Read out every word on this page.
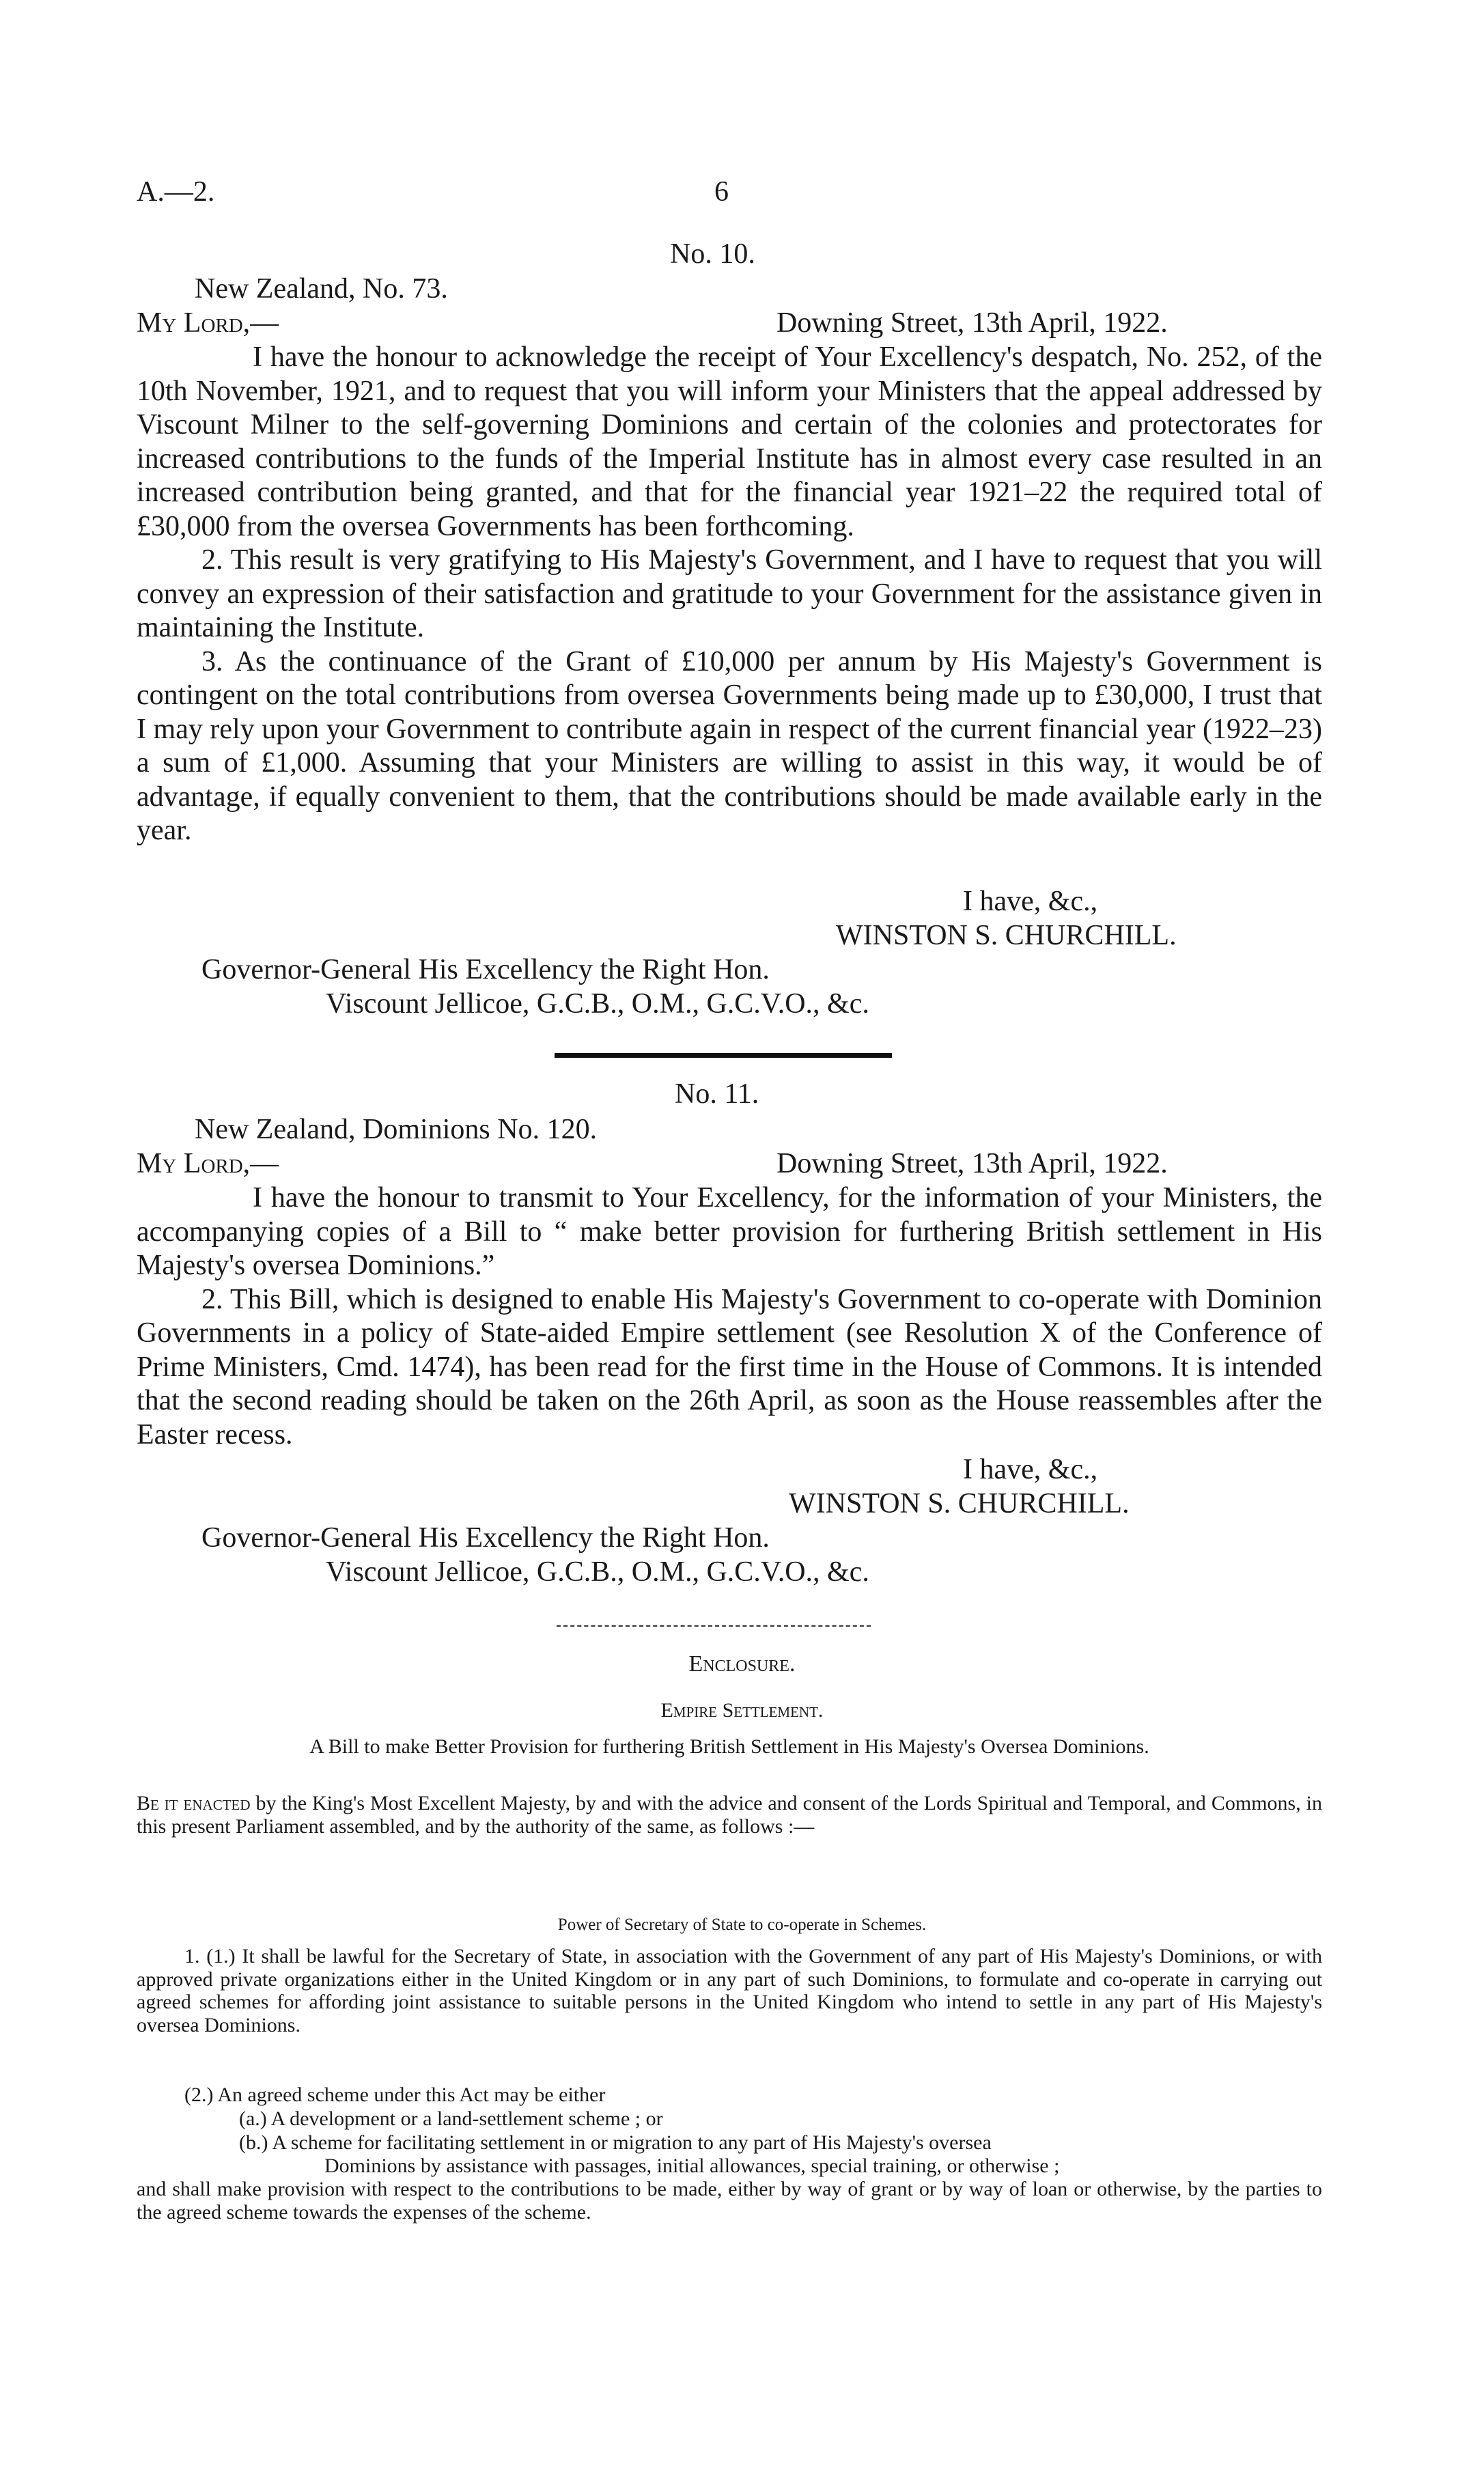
A.—2.	6
No. 10.
New Zealand, No. 73.
My Lord,—	Downing Street, 13th April, 1922.

I have the honour to acknowledge the receipt of Your Excellency's despatch, No. 252, of the 10th November, 1921, and to request that you will inform your Ministers that the appeal addressed by Viscount Milner to the self-governing Dominions and certain of the colonies and protectorates for increased contributions to the funds of the Imperial Institute has in almost every case resulted in an increased contribution being granted, and that for the financial year 1921–22 the required total of £30,000 from the oversea Governments has been forthcoming.

2. This result is very gratifying to His Majesty's Government, and I have to request that you will convey an expression of their satisfaction and gratitude to your Government for the assistance given in maintaining the Institute.

3. As the continuance of the Grant of £10,000 per annum by His Majesty's Government is contingent on the total contributions from oversea Governments being made up to £30,000, I trust that I may rely upon your Government to contribute again in respect of the current financial year (1922–23) a sum of £1,000. Assuming that your Ministers are willing to assist in this way, it would be of advantage, if equally convenient to them, that the contributions should be made available early in the year.

I have, &c.,
WINSTON S. CHURCHILL.
Governor-General His Excellency the Right Hon.
Viscount Jellicoe, G.C.B., O.M., G.C.V.O., &c.
No. 11.
New Zealand, Dominions No. 120.
My Lord,—	Downing Street, 13th April, 1922.

I have the honour to transmit to Your Excellency, for the information of your Ministers, the accompanying copies of a Bill to “ make better provision for furthering British settlement in His Majesty's oversea Dominions.”

2. This Bill, which is designed to enable His Majesty's Government to co-operate with Dominion Governments in a policy of State-aided Empire settlement (see Resolution X of the Conference of Prime Ministers, Cmd. 1474), has been read for the first time in the House of Commons. It is intended that the second reading should be taken on the 26th April, as soon as the House reassembles after the Easter recess.

I have, &c.,
WINSTON S. CHURCHILL.
Governor-General His Excellency the Right Hon.
Viscount Jellicoe, G.C.B., O.M., G.C.V.O., &c.
Enclosure.
Empire Settlement.
A Bill to make Better Provision for furthering British Settlement in His Majesty's Oversea Dominions.
Be it enacted by the King's Most Excellent Majesty, by and with the advice and consent of the Lords Spiritual and Temporal, and Commons, in this present Parliament assembled, and by the authority of the same, as follows :—
Power of Secretary of State to co-operate in Schemes.
1. (1.) It shall be lawful for the Secretary of State, in association with the Government of any part of His Majesty's Dominions, or with approved private organizations either in the United Kingdom or in any part of such Dominions, to formulate and co-operate in carrying out agreed schemes for affording joint assistance to suitable persons in the United Kingdom who intend to settle in any part of His Majesty's oversea Dominions.
(2.) An agreed scheme under this Act may be either
(a.) A development or a land-settlement scheme ; or
(b.) A scheme for facilitating settlement in or migration to any part of His Majesty's oversea
Dominions by assistance with passages, initial allowances, special training, or otherwise ;
and shall make provision with respect to the contributions to be made, either by way of grant or by way of loan or otherwise, by the parties to the agreed scheme towards the expenses of the scheme.
